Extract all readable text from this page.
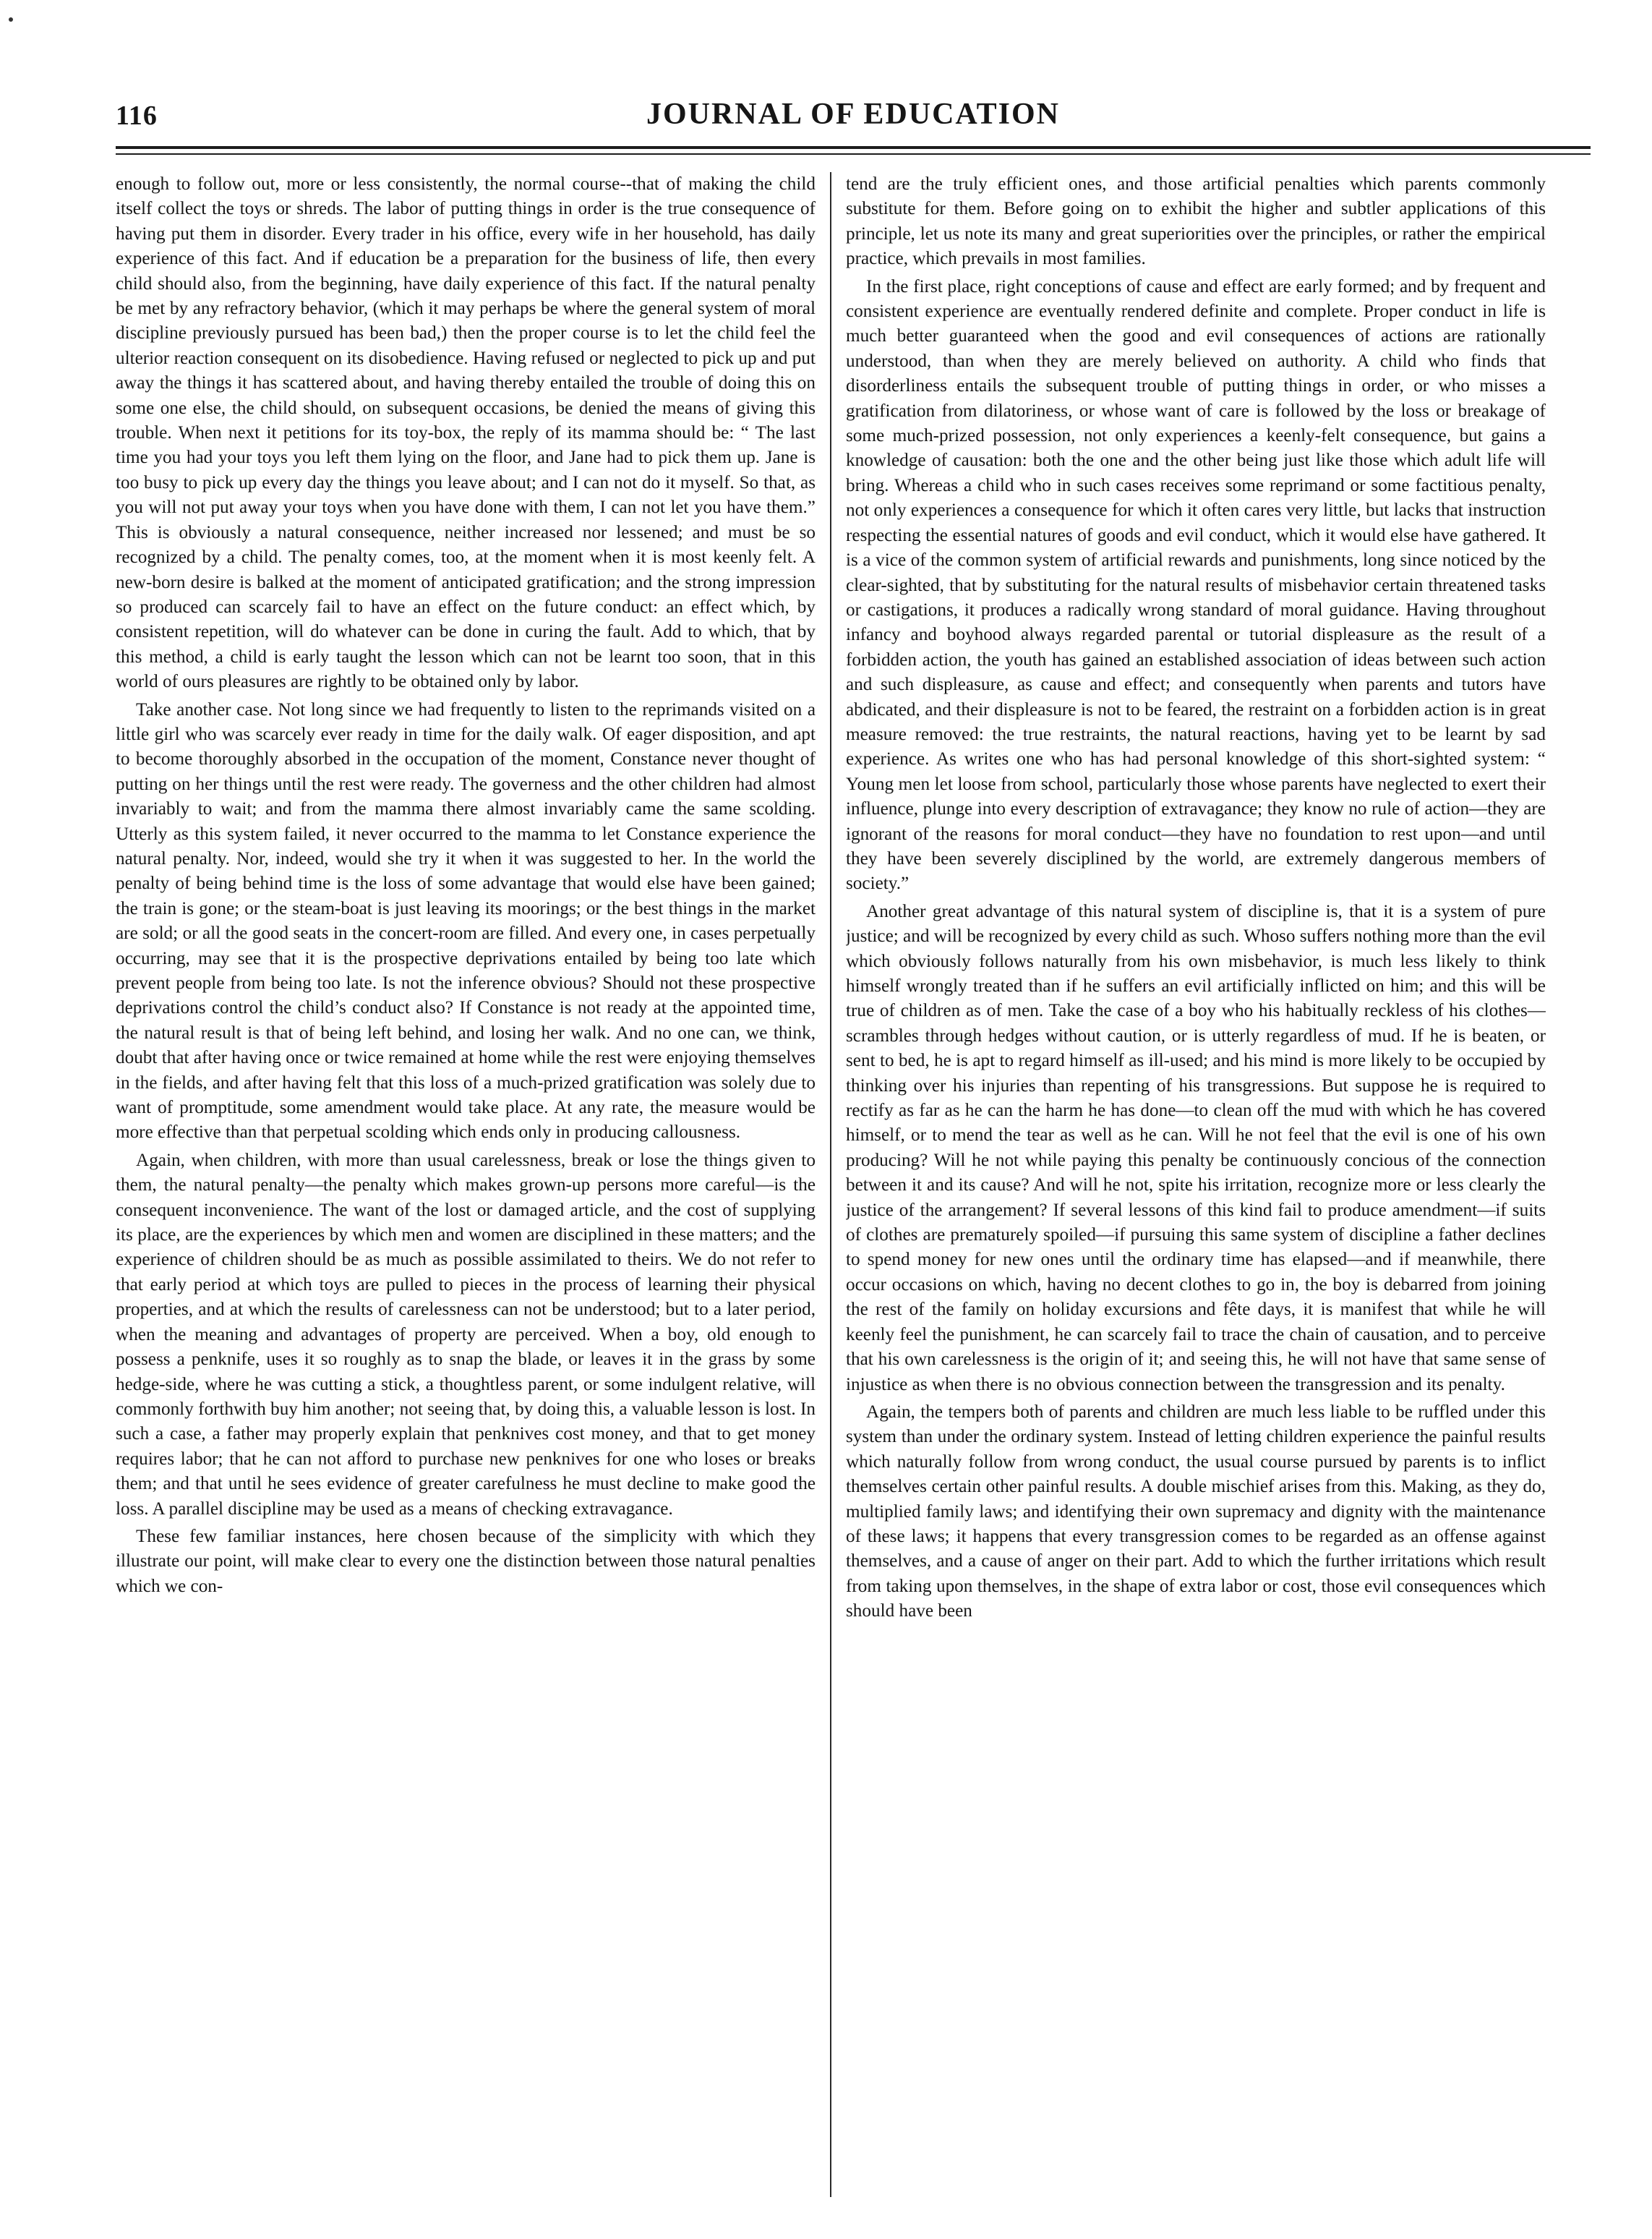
116	JOURNAL OF EDUCATION

enough to follow out, more or less consistently, the normal course--that of making the child itself collect the toys or shreds. The labor of putting things in order is the true consequence of having put them in disorder. Every trader in his office, every wife in her household, has daily experience of this fact. And if education be a preparation for the business of life, then every child should also, from the beginning, have daily experience of this fact. If the natural penalty be met by any refractory behavior, (which it may perhaps be where the general system of moral discipline previously pursued has been bad,) then the proper course is to let the child feel the ulterior reaction consequent on its disobedience. Having refused or neglected to pick up and put away the things it has scattered about, and having thereby entailed the trouble of doing this on some one else, the child should, on subsequent occasions, be denied the means of giving this trouble. When next it petitions for its toy-box, the reply of its mamma should be: “ The last time you had your toys you left them lying on the floor, and Jane had to pick them up. Jane is too busy to pick up every day the things you leave about; and I can not do it myself. So that, as you will not put away your toys when you have done with them, I can not let you have them.” This is obviously a natural consequence, neither increased nor lessened; and must be so recognized by a child. The penalty comes, too, at the moment when it is most keenly felt. A new-born desire is balked at the moment of anticipated gratification; and the strong impression so produced can scarcely fail to have an effect on the future conduct: an effect which, by consistent repetition, will do whatever can be done in curing the fault. Add to which, that by this method, a child is early taught the lesson which can not be learnt too soon, that in this world of ours pleasures are rightly to be obtained only by labor.

Take another case. Not long since we had frequently to listen to the reprimands visited on a little girl who was scarcely ever ready in time for the daily walk. Of eager disposition, and apt to become thoroughly absorbed in the occupation of the moment, Constance never thought of putting on her things until the rest were ready. The governess and the other children had almost invariably to wait; and from the mamma there almost invariably came the same scolding. Utterly as this system failed, it never occurred to the mamma to let Constance experience the natural penalty. Nor, indeed, would she try it when it was suggested to her. In the world the penalty of being behind time is the loss of some advantage that would else have been gained; the train is gone; or the steam-boat is just leaving its moorings; or the best things in the market are sold; or all the good seats in the concert-room are filled. And every one, in cases perpetually occurring, may see that it is the prospective deprivations entailed by being too late which prevent people from being too late. Is not the inference obvious? Should not these prospective deprivations control the child’s conduct also? If Constance is not ready at the appointed time, the natural result is that of being left behind, and losing her walk. And no one can, we think, doubt that after having once or twice remained at home while the rest were enjoying themselves in the fields, and after having felt that this loss of a much-prized gratification was solely due to want of promptitude, some amendment would take place. At any rate, the measure would be more effective than that perpetual scolding which ends only in producing callousness.

Again, when children, with more than usual carelessness, break or lose the things given to them, the natural penalty—the penalty which makes grown-up persons more careful—is the consequent inconvenience. The want of the lost or damaged article, and the cost of supplying its place, are the experiences by which men and women are disciplined in these matters; and the experience of children should be as much as possible assimilated to theirs. We do not refer to that early period at which toys are pulled to pieces in the process of learning their physical properties, and at which the results of carelessness can not be understood; but to a later period, when the meaning and advantages of property are perceived. When a boy, old enough to possess a penknife, uses it so roughly as to snap the blade, or leaves it in the grass by some hedge-side, where he was cutting a stick, a thoughtless parent, or some indulgent relative, will commonly forthwith buy him another; not seeing that, by doing this, a valuable lesson is lost. In such a case, a father may properly explain that penknives cost money, and that to get money requires labor; that he can not afford to purchase new penknives for one who loses or breaks them; and that until he sees evidence of greater carefulness he must decline to make good the loss. A parallel discipline may be used as a means of checking extravagance.

These few familiar instances, here chosen because of the simplicity with which they illustrate our point, will make clear to every one the distinction between those natural penalties which we con-

tend are the truly efficient ones, and those artificial penalties which parents commonly substitute for them. Before going on to exhibit the higher and subtler applications of this principle, let us note its many and great superiorities over the principles, or rather the empirical practice, which prevails in most families.

In the first place, right conceptions of cause and effect are early formed; and by frequent and consistent experience are eventually rendered definite and complete. Proper conduct in life is much better guaranteed when the good and evil consequences of actions are rationally understood, than when they are merely believed on authority. A child who finds that disorderliness entails the subsequent trouble of putting things in order, or who misses a gratification from dilatoriness, or whose want of care is followed by the loss or breakage of some much-prized possession, not only experiences a keenly-felt consequence, but gains a knowledge of causation: both the one and the other being just like those which adult life will bring. Whereas a child who in such cases receives some reprimand or some factitious penalty, not only experiences a consequence for which it often cares very little, but lacks that instruction respecting the essential natures of goods and evil conduct, which it would else have gathered. It is a vice of the common system of artificial rewards and punishments, long since noticed by the clear-sighted, that by substituting for the natural results of misbehavior certain threatened tasks or castigations, it produces a radically wrong standard of moral guidance. Having throughout infancy and boyhood always regarded parental or tutorial displeasure as the result of a forbidden action, the youth has gained an established association of ideas between such action and such displeasure, as cause and effect; and consequently when parents and tutors have abdicated, and their displeasure is not to be feared, the restraint on a forbidden action is in great measure removed: the true restraints, the natural reactions, having yet to be learnt by sad experience. As writes one who has had personal knowledge of this short-sighted system: “ Young men let loose from school, particularly those whose parents have neglected to exert their influence, plunge into every description of extravagance; they know no rule of action—they are ignorant of the reasons for moral conduct—they have no foundation to rest upon—and until they have been severely disciplined by the world, are extremely dangerous members of society.”

Another great advantage of this natural system of discipline is, that it is a system of pure justice; and will be recognized by every child as such. Whoso suffers nothing more than the evil which obviously follows naturally from his own misbehavior, is much less likely to think himself wrongly treated than if he suffers an evil artificially inflicted on him; and this will be true of children as of men. Take the case of a boy who his habitually reckless of his clothes—scrambles through hedges without caution, or is utterly regardless of mud. If he is beaten, or sent to bed, he is apt to regard himself as ill-used; and his mind is more likely to be occupied by thinking over his injuries than repenting of his transgressions. But suppose he is required to rectify as far as he can the harm he has done—to clean off the mud with which he has covered himself, or to mend the tear as well as he can. Will he not feel that the evil is one of his own producing? Will he not while paying this penalty be continuously concious of the connection between it and its cause? And will he not, spite his irritation, recognize more or less clearly the justice of the arrangement? If several lessons of this kind fail to produce amendment—if suits of clothes are prematurely spoiled—if pursuing this same system of discipline a father declines to spend money for new ones until the ordinary time has elapsed—and if meanwhile, there occur occasions on which, having no decent clothes to go in, the boy is debarred from joining the rest of the family on holiday excursions and fête days, it is manifest that while he will keenly feel the punishment, he can scarcely fail to trace the chain of causation, and to perceive that his own carelessness is the origin of it; and seeing this, he will not have that same sense of injustice as when there is no obvious connection between the transgression and its penalty.

Again, the tempers both of parents and children are much less liable to be ruffled under this system than under the ordinary system. Instead of letting children experience the painful results which naturally follow from wrong conduct, the usual course pursued by parents is to inflict themselves certain other painful results. A double mischief arises from this. Making, as they do, multiplied family laws; and identifying their own supremacy and dignity with the maintenance of these laws; it happens that every transgression comes to be regarded as an offense against themselves, and a cause of anger on their part. Add to which the further irritations which result from taking upon themselves, in the shape of extra labor or cost, those evil consequences which should have been
